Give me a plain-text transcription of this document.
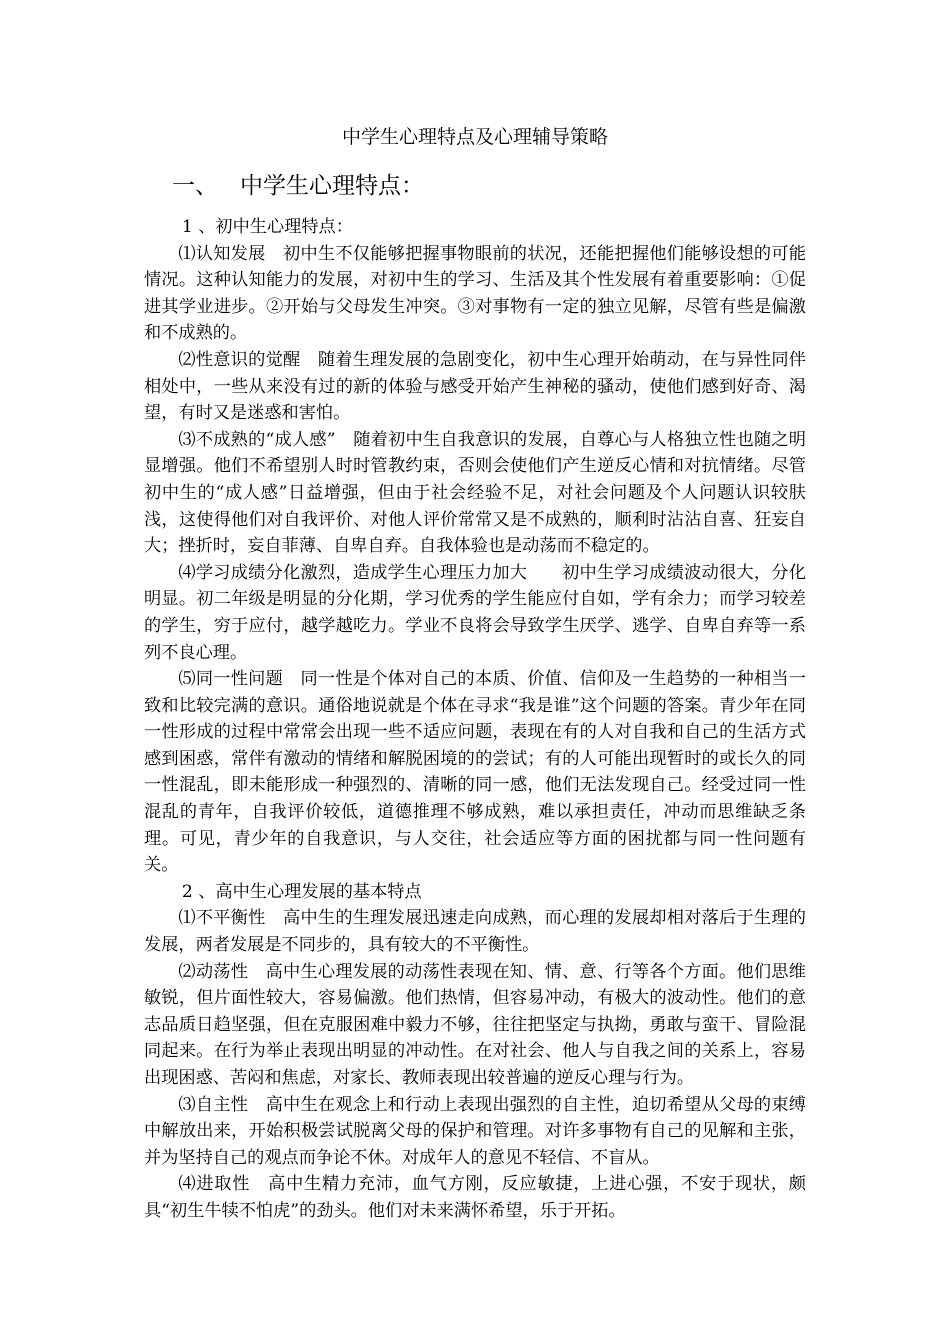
中学生心理特点及心理辅导策略
一、 中学生心理特点：

1 、初中生心理特点：

⑴认知发展　初中生不仅能够把握事物眼前的状况，还能把握他们能够设想的可能情况。这种认知能力的发展，对初中生的学习、生活及其个性发展有着重要影响：①促进其学业进步。②开始与父母发生冲突。③对事物有一定的独立见解，尽管有些是偏激和不成熟的。

⑵性意识的觉醒　随着生理发展的急剧变化，初中生心理开始萌动，在与异性同伴相处中，一些从来没有过的新的体验与感受开始产生神秘的骚动，使他们感到好奇、渴望，有时又是迷惑和害怕。

⑶不成熟的“成人感”　随着初中生自我意识的发展，自尊心与人格独立性也随之明显增强。他们不希望别人时时管教约束，否则会使他们产生逆反心情和对抗情绪。尽管初中生的“成人感”日益增强，但由于社会经验不足，对社会问题及个人问题认识较肤浅，这使得他们对自我评价、对他人评价常常又是不成熟的，顺利时沾沾自喜、狂妄自大；挫折时，妄自菲薄、自卑自弃。自我体验也是动荡而不稳定的。

⑷学习成绩分化激烈，造成学生心理压力加大　　初中生学习成绩波动很大，分化明显。初二年级是明显的分化期，学习优秀的学生能应付自如，学有余力；而学习较差的学生，穷于应付，越学越吃力。学业不良将会导致学生厌学、逃学、自卑自弃等一系列不良心理。

⑸同一性问题　同一性是个体对自己的本质、价值、信仰及一生趋势的一种相当一致和比较完满的意识。通俗地说就是个体在寻求“我是谁”这个问题的答案。青少年在同一性形成的过程中常常会出现一些不适应问题，表现在有的人对自我和自己的生活方式感到困惑，常伴有激动的情绪和解脱困境的的尝试；有的人可能出现暂时的或长久的同一性混乱，即未能形成一种强烈的、清晰的同一感，他们无法发现自己。经受过同一性混乱的青年，自我评价较低，道德推理不够成熟，难以承担责任，冲动而思维缺乏条理。可见，青少年的自我意识，与人交往，社会适应等方面的困扰都与同一性问题有关。

2 、高中生心理发展的基本特点

⑴不平衡性　高中生的生理发展迅速走向成熟，而心理的发展却相对落后于生理的发展，两者发展是不同步的，具有较大的不平衡性。

⑵动荡性　高中生心理发展的动荡性表现在知、情、意、行等各个方面。他们思维敏锐，但片面性较大，容易偏激。他们热情，但容易冲动，有极大的波动性。他们的意志品质日趋坚强，但在克服困难中毅力不够，往往把坚定与执拗，勇敢与蛮干、冒险混同起来。在行为举止表现出明显的冲动性。在对社会、他人与自我之间的关系上，容易出现困惑、苦闷和焦虑，对家长、教师表现出较普遍的逆反心理与行为。

⑶自主性　高中生在观念上和行动上表现出强烈的自主性，迫切希望从父母的束缚中解放出来，开始积极尝试脱离父母的保护和管理。对许多事物有自己的见解和主张，并为坚持自己的观点而争论不休。对成年人的意见不轻信、不盲从。

⑷进取性　高中生精力充沛，血气方刚，反应敏捷，上进心强，不安于现状，颇具“初生牛犊不怕虎”的劲头。他们对未来满怀希望，乐于开拓。
